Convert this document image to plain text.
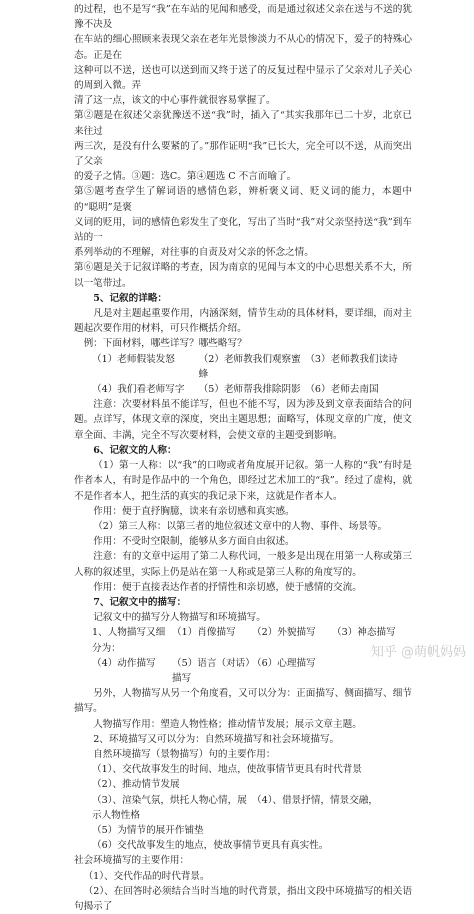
的过程，也不是写“我”在车站的见闻和感受，而是通过叙述父亲在送与不送的犹豫不决及

在车站的细心照顾来表现父亲在老年光景惨淡力不从心的情况下，爱子的特殊心态。正是在

这种可以不送，送也可以送到而又终于送了的反复过程中显示了父亲对儿子关心的周到入微。弄

清了这一点，该文的中心事件就很容易掌握了。

第②题是在叙述父亲犹豫送不送“我”时，插入了“其实我那年已二十岁，北京已来往过

两三次，是没有什么要紧的了。”那作证明“我”已长大，完全可以不送，从而突出了父亲

的爱子之情。③题：选C。第④题选 C 不言而喻了。

第⑤题考查学生了解词语的感情色彩，辨析褒义词、贬义词的能力，本题中的“聪明”是褒

义词的贬用，词的感情色彩发生了变化，写出了当时“我”对父亲坚持送“我”到车站的一

系列举动的不理解，对往事的自责及对父亲的怀念之情。

第⑥题是关于记叙详略的考查，因为南京的见闻与本文的中心思想关系不大，所以一笔带过。

5、记叙的详略：

凡是对主题起重要作用，内涵深刻，情节生动的具体材料，要详细，而对主题起次要作用的材料，可只作概括介绍。

例：下面材料，哪些详写？哪些略写？

（1）老师假装发怒	（2）老师教我们观察蜜蜂
（3）老师教我们读诗
（4）我们看老师写字	（5）老师帮我排除阴影 （6）老师去南国

注意：次要材料虽不能详写，但也不能不写，因为涉及到文章表面结合的问题。点详写，体现文章的深度，突出主题思想；面略写，体现文章的广度，使文章全面、丰满，完全不写次要材料，会使文章的主题受到影响。

6、记叙文的人称：

（1）第一人称：以“我”的口吻或者角度展开记叙。第一人称的“我”有时是作者本人，有时是作品中的一个角色，即经过艺术加工的“我”。经过了虚构，就不是作者本人，把生活的真实的我记录下来，这就是作者本人。

作用：便于直抒胸臆，读来有亲切感和真实感。

（2）第三人称：以第三者的地位叙述文章中的人物、事件、场景等。

作用：不受时空限制，能够从多方面自由叙述。

注意：有的文章中运用了第二人称代词，一般多是出现在用第一人称或第三人称的叙述里，实际上仍是站在第一人称或是第三人称的角度写的。

作用：便于直接表达作者的抒情性和亲切感，使于感情的交流。

7、记叙文中的描写：

记叙文中的描写分人物描写和环境描写。

1、人物描写又细分为：
（1）肖像描写	（2）外貌描写	（3）神态描写
（4）动作描写	（5）语言（对话）描写
（6）心理描写

另外，人物描写从另一个角度看，又可以分为：正面描写、侧面描写、细节描写。

人物描写作用：塑造人物性格；推动情节发展；展示文章主题。

2、环境描写又可以分为：自然环境描写和社会环境描写。

自然环境描写（景物描写）句的主要作用：

（1）、交代故事发生的时间、地点，使故事情节更具有时代背景
（2）、推动情节发展
（3）、渲染气氛，烘托人物心情，展示人物性格
（4）、借景抒情，情景交融，
（5）为情节的展开作铺垫
（6）交代故事发生的地点，使故事情节更具有真实性。

社会环境描写的主要作用：

（1）、交代作品的时代背景。

（2）、在回答时必须结合当时当地的时代背景，指出文段中环境描写的相关语句揭示了

知乎 @萌帆妈妈
